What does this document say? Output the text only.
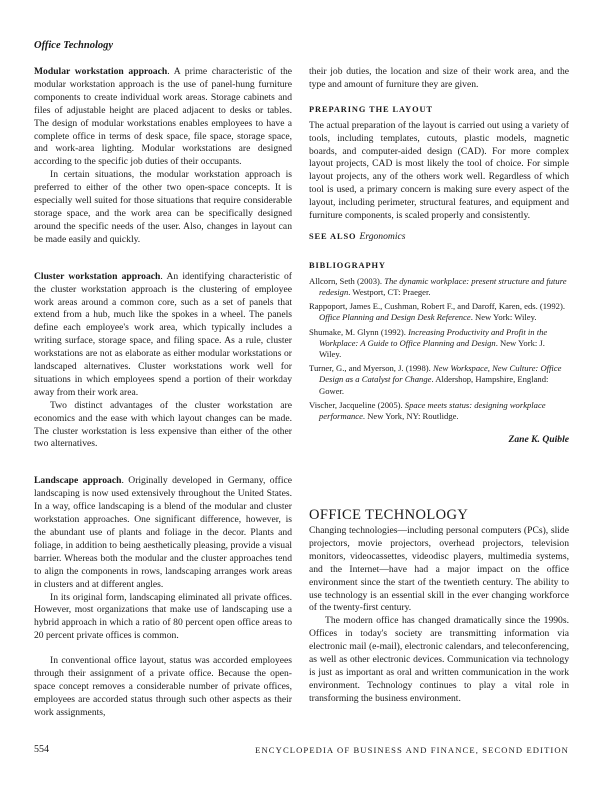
Office Technology

Modular workstation approach. A prime characteristic of the modular workstation approach is the use of panel-hung furniture components to create individual work areas. Storage cabinets and files of adjustable height are placed adjacent to desks or tables. The design of modular workstations enables employees to have a complete office in terms of desk space, file space, storage space, and work-area lighting. Modular workstations are designed according to the specific job duties of their occupants.

In certain situations, the modular workstation approach is preferred to either of the other two open-space concepts. It is especially well suited for those situations that require considerable storage space, and the work area can be specifically designed around the specific needs of the user. Also, changes in layout can be made easily and quickly.

Cluster workstation approach. An identifying characteristic of the cluster workstation approach is the clustering of employee work areas around a common core, such as a set of panels that extend from a hub, much like the spokes in a wheel. The panels define each employee's work area, which typically includes a writing surface, storage space, and filing space. As a rule, cluster workstations are not as elaborate as either modular workstations or landscaped alternatives. Cluster workstations work well for situations in which employees spend a portion of their workday away from their work area.

Two distinct advantages of the cluster workstation are economics and the ease with which layout changes can be made. The cluster workstation is less expensive than either of the other two alternatives.

Landscape approach. Originally developed in Germany, office landscaping is now used extensively throughout the United States. In a way, office landscaping is a blend of the modular and cluster workstation approaches. One significant difference, however, is the abundant use of plants and foliage in the decor. Plants and foliage, in addition to being aesthetically pleasing, provide a visual barrier. Whereas both the modular and the cluster approaches tend to align the components in rows, landscaping arranges work areas in clusters and at different angles.

In its original form, landscaping eliminated all private offices. However, most organizations that make use of landscaping use a hybrid approach in which a ratio of 80 percent open office areas to 20 percent private offices is common.

In conventional office layout, status was accorded employees through their assignment of a private office. Because the open-space concept removes a considerable number of private offices, employees are accorded status through such other aspects as their work assignments,

their job duties, the location and size of their work area, and the type and amount of furniture they are given.

PREPARING THE LAYOUT

The actual preparation of the layout is carried out using a variety of tools, including templates, cutouts, plastic models, magnetic boards, and computer-aided design (CAD). For more complex layout projects, CAD is most likely the tool of choice. For simple layout projects, any of the others work well. Regardless of which tool is used, a primary concern is making sure every aspect of the layout, including perimeter, structural features, and equipment and furniture components, is scaled properly and consistently.

SEE ALSO Ergonomics
BIBLIOGRAPHY

Allcorn, Seth (2003). The dynamic workplace: present structure and future redesign. Westport, CT: Praeger.

Rappoport, James E., Cushman, Robert F., and Daroff, Karen, eds. (1992). Office Planning and Design Desk Reference. New York: Wiley.

Shumake, M. Glynn (1992). Increasing Productivity and Profit in the Workplace: A Guide to Office Planning and Design. New York: J. Wiley.

Turner, G., and Myerson, J. (1998). New Workspace, New Culture: Office Design as a Catalyst for Change. Aldershop, Hampshire, England: Gower.

Vischer, Jacqueline (2005). Space meets status: designing workplace performance. New York, NY: Routlidge.

Zane K. Quible
OFFICE TECHNOLOGY

Changing technologies—including personal computers (PCs), slide projectors, movie projectors, overhead projectors, television monitors, videocassettes, videodisc players, multimedia systems, and the Internet—have had a major impact on the office environment since the start of the twentieth century. The ability to use technology is an essential skill in the ever changing workforce of the twenty-first century.

The modern office has changed dramatically since the 1990s. Offices in today's society are transmitting information via electronic mail (e-mail), electronic calendars, and teleconferencing, as well as other electronic devices. Communication via technology is just as important as oral and written communication in the work environment. Technology continues to play a vital role in transforming the business environment.

554	ENCYCLOPEDIA OF BUSINESS AND FINANCE, SECOND EDITION
